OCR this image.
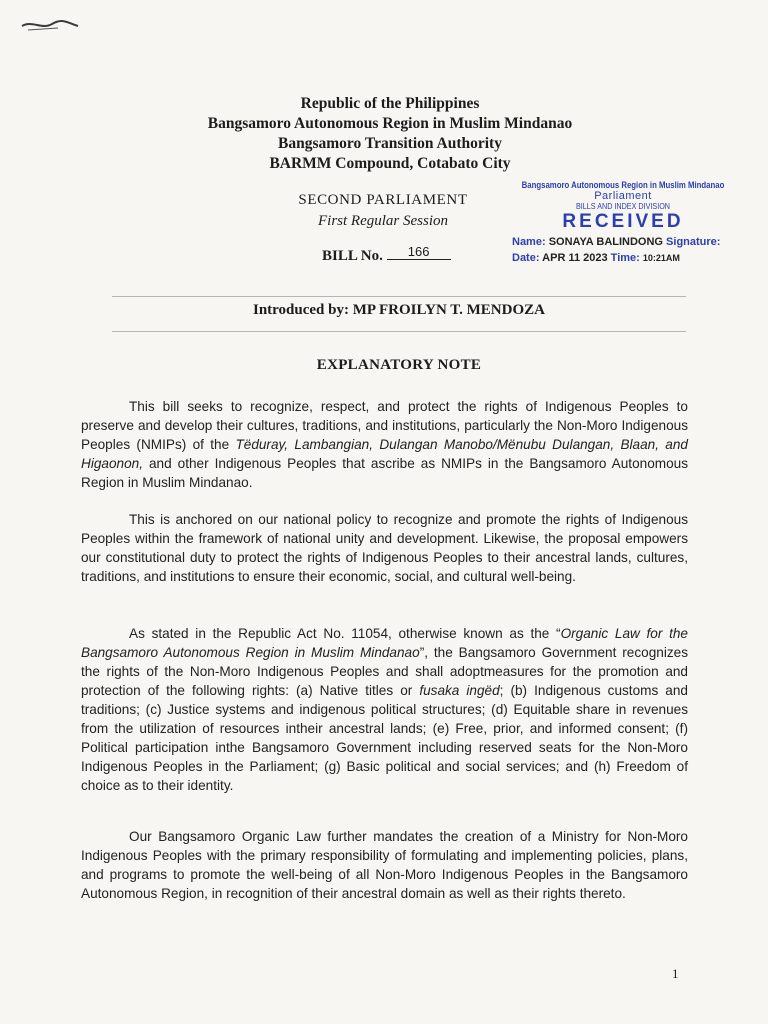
Republic of the Philippines
Bangsamoro Autonomous Region in Muslim Mindanao
Bangsamoro Transition Authority
BARMM Compound, Cotabato City
SECOND PARLIAMENT
First Regular Session
BILL No. 166
Bangsamoro Autonomous Region in Muslim Mindanao
Parliament
BILLS AND INDEX DIVISION
RECEIVED
Name: SONAYA BALINDONG Signature:
Date: APR 11 2023 Time: 10:21AM
Introduced by: MP FROILYN T. MENDOZA
EXPLANATORY NOTE

This bill seeks to recognize, respect, and protect the rights of Indigenous Peoples to preserve and develop their cultures, traditions, and institutions, particularly the Non-Moro Indigenous Peoples (NMIPs) of the Tëduray, Lambangian, Dulangan Manobo/Mënubu Dulangan, Blaan, and Higaonon, and other Indigenous Peoples that ascribe as NMIPs in the Bangsamoro Autonomous Region in Muslim Mindanao.

This is anchored on our national policy to recognize and promote the rights of Indigenous Peoples within the framework of national unity and development. Likewise, the proposal empowers our constitutional duty to protect the rights of Indigenous Peoples to their ancestral lands, cultures, traditions, and institutions to ensure their economic, social, and cultural well-being.

As stated in the Republic Act No. 11054, otherwise known as the “Organic Law for the Bangsamoro Autonomous Region in Muslim Mindanao”, the Bangsamoro Government recognizes the rights of the Non-Moro Indigenous Peoples and shall adoptmeasures for the promotion and protection of the following rights: (a) Native titles or fusaka ingëd; (b) Indigenous customs and traditions; (c) Justice systems and indigenous political structures; (d) Equitable share in revenues from the utilization of resources intheir ancestral lands; (e) Free, prior, and informed consent; (f) Political participation inthe Bangsamoro Government including reserved seats for the Non-Moro Indigenous Peoples in the Parliament; (g) Basic political and social services; and (h) Freedom of choice as to their identity.

Our Bangsamoro Organic Law further mandates the creation of a Ministry for Non-Moro Indigenous Peoples with the primary responsibility of formulating and implementing policies, plans, and programs to promote the well-being of all Non-Moro Indigenous Peoples in the Bangsamoro Autonomous Region, in recognition of their ancestral domain as well as their rights thereto.

1
